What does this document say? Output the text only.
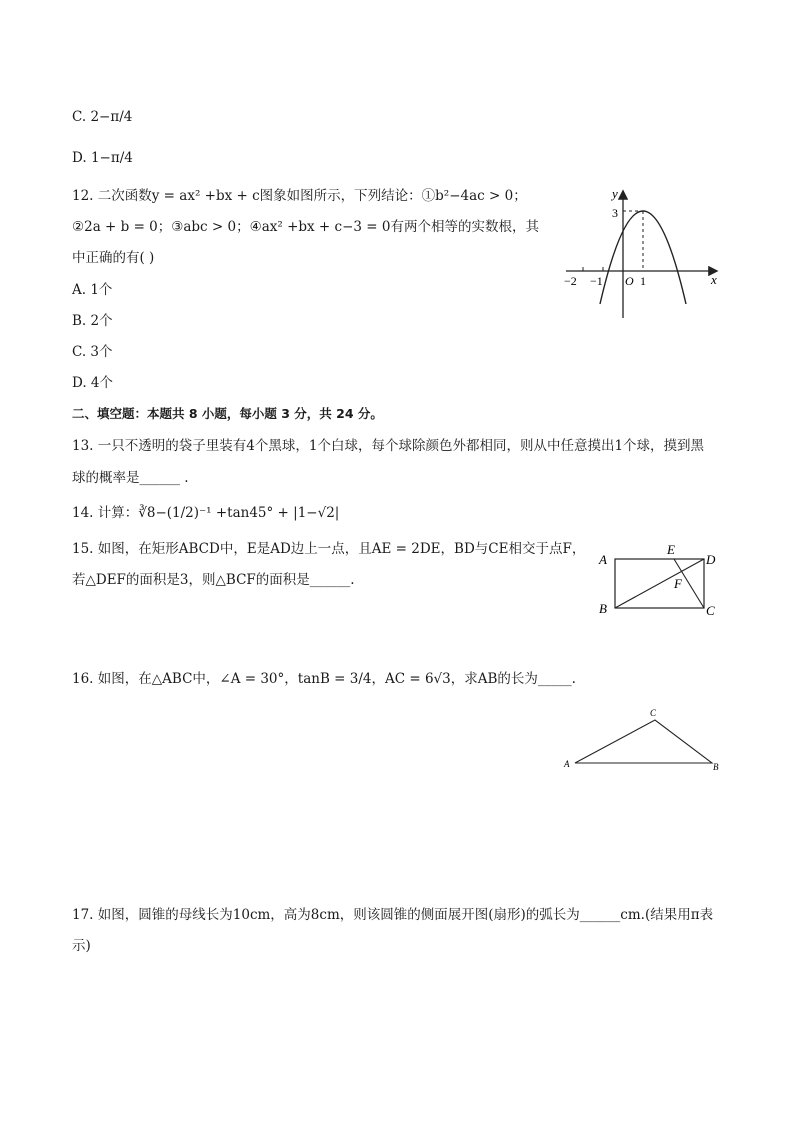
C. 2−π/4
D. 1−π/4
12. 二次函数y = ax² +bx + c图象如图所示，下列结论：①b²−4ac > 0；
②2a + b = 0；③abc > 0；④ax² +bx + c−3 = 0有两个相等的实数根，其
中正确的有( )
A. 1个
B. 2个
C. 3个
D. 4个
y
x
3
−2 −1 O 1
二、填空题：本题共 8 小题，每小题 3 分，共 24 分。
13. 一只不透明的袋子里装有4个黑球，1个白球，每个球除颜色外都相同，则从中任意摸出1个球，摸到黑
球的概率是______ .
14. 计算：∛8−(1/2)⁻¹ +tan45° + |1−√2|
15. 如图，在矩形ABCD中，E是AD边上一点，且AE = 2DE，BD与CE相交于点F，
若△DEF的面积是3，则△BCF的面积是______.
A
B	C
D
E
F
16. 如图，在△ABC中，∠A = 30°，tanB = 3/4，AC = 6√3，求AB的长为_____.
A	B
C
17. 如图，圆锥的母线长为10cm，高为8cm，则该圆锥的侧面展开图(扇形)的弧长为______cm.(结果用π表
示)
